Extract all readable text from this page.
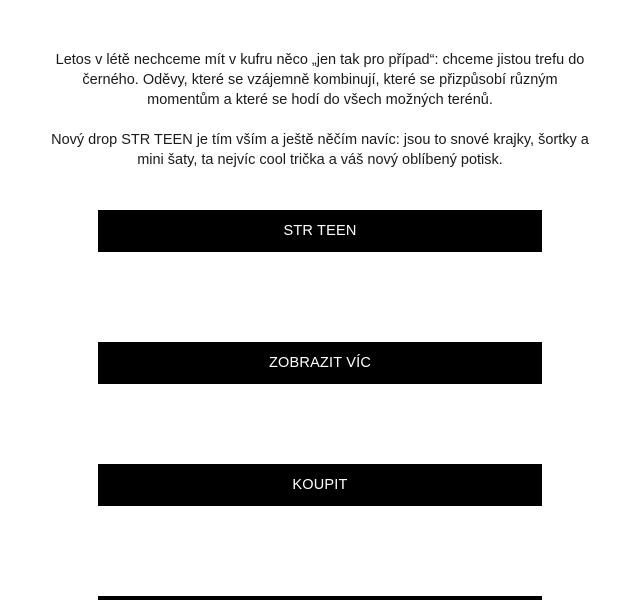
Letos v létě nechceme mít v kufru něco „jen tak pro případ“: chceme jistou trefu do černého. Oděvy, které se vzájemně kombinují, které se přizpůsobí různým momentům a které se hodí do všech možných terénů.

Nový drop STR TEEN je tím vším a ještě něčím navíc: jsou to snové krajky, šortky a mini šaty, ta nejvíc cool trička a váš nový oblíbený potisk.

STR TEEN
ZOBRAZIT VÍC
KOUPIT
